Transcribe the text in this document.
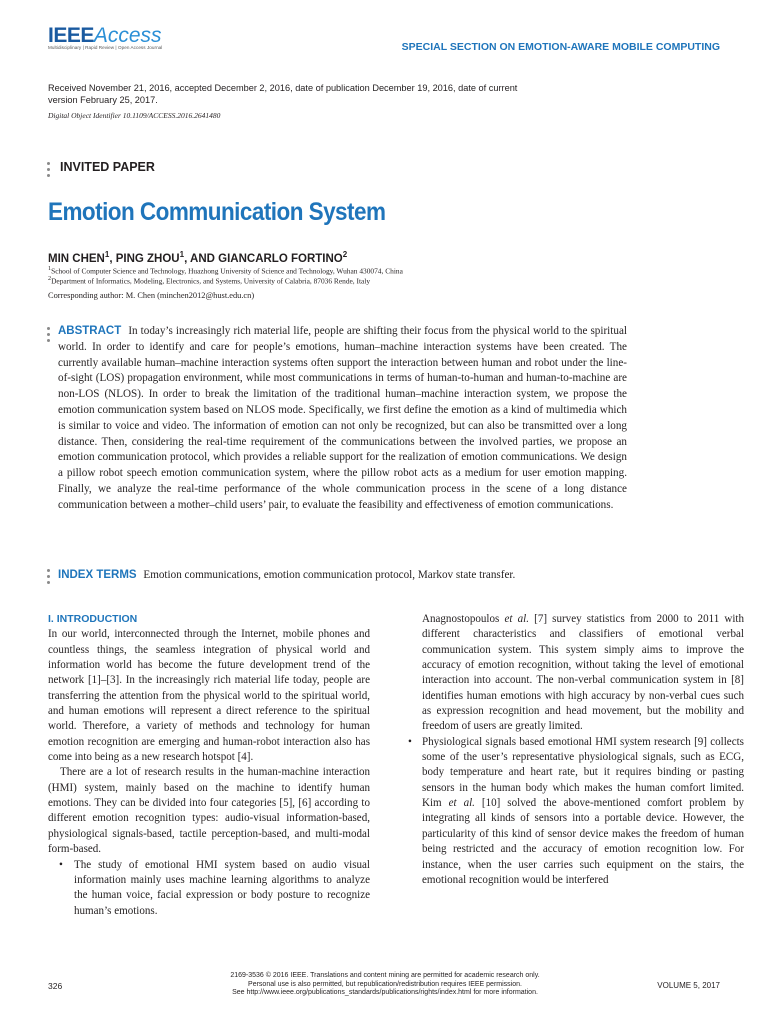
IEEEAccess
Multidisciplinary | Rapid Review | Open Access Journal	SPECIAL SECTION ON EMOTION-AWARE MOBILE COMPUTING
Received November 21, 2016, accepted December 2, 2016, date of publication December 19, 2016, date of current version February 25, 2017.
Digital Object Identifier 10.1109/ACCESS.2016.2641480
INVITED PAPER
Emotion Communication System
MIN CHEN$^1$, PING ZHOU$^1$, AND GIANCARLO FORTINO$^2$
$^1$School of Computer Science and Technology, Huazhong University of Science and Technology, Wuhan 430074, China
$^2$Department of Informatics, Modeling, Electronics, and Systems, University of Calabria, 87036 Rende, Italy
Corresponding author: M. Chen (minchen2012@hust.edu.cn)
ABSTRACT In today’s increasingly rich material life, people are shifting their focus from the physical world to the spiritual world. In order to identify and care for people’s emotions, human–machine interaction systems have been created. The currently available human–machine interaction systems often support the interaction between human and robot under the line-of-sight (LOS) propagation environment, while most communications in terms of human-to-human and human-to-machine are non-LOS (NLOS). In order to break the limitation of the traditional human–machine interaction system, we propose the emotion communication system based on NLOS mode. Specifically, we first define the emotion as a kind of multimedia which is similar to voice and video. The information of emotion can not only be recognized, but can also be transmitted over a long distance. Then, considering the real-time requirement of the communications between the involved parties, we propose an emotion communication protocol, which provides a reliable support for the realization of emotion communications. We design a pillow robot speech emotion communication system, where the pillow robot acts as a medium for user emotion mapping. Finally, we analyze the real-time performance of the whole communication process in the scene of a long distance communication between a mother–child users’ pair, to evaluate the feasibility and effectiveness of emotion communications.
INDEX TERMS Emotion communications, emotion communication protocol, Markov state transfer.
I. INTRODUCTION

In our world, interconnected through the Internet, mobile phones and countless things, the seamless integration of physical world and information world has become the future development trend of the network [1]–[3]. In the increasingly rich material life today, people are transferring the attention from the physical world to the spiritual world, and human emotions will represent a direct reference to the spiritual world. Therefore, a variety of methods and technology for human emotion recognition are emerging and human-robot interaction also has come into being as a new research hotspot [4].

There are a lot of research results in the human-machine interaction (HMI) system, mainly based on the machine to identify human emotions. They can be divided into four categories [5], [6] according to different emotion recognition types: audio-visual information-based, physiological signals-based, tactile perception-based, and multi-modal form-based.

• The study of emotional HMI system based on audio visual information mainly uses machine learning algorithms to analyze the human voice, facial expression or body posture to recognize human’s emotions.

Anagnostopoulos et al. [7] survey statistics from 2000 to 2011 with different characteristics and classifiers of emotional verbal communication system. This system simply aims to improve the accuracy of emotion recognition, without taking the level of emotional interaction into account. The non-verbal communication system in [8] identifies human emotions with high accuracy by non-verbal cues such as expression recognition and head movement, but the mobility and freedom of users are greatly limited.

• Physiological signals based emotional HMI system research [9] collects some of the user’s representative physiological signals, such as ECG, body temperature and heart rate, but it requires binding or pasting sensors in the human body which makes the human comfort limited. Kim et al. [10] solved the above-mentioned comfort problem by integrating all kinds of sensors into a portable device. However, the particularity of this kind of sensor device makes the freedom of human being restricted and the accuracy of emotion recognition low. For instance, when the user carries such equipment on the stairs, the emotional recognition would be interfered

326
2169-3536 © 2016 IEEE. Translations and content mining are permitted for academic research only.
Personal use is also permitted, but republication/redistribution requires IEEE permission.
See http://www.ieee.org/publications_standards/publications/rights/index.html for more information.
VOLUME 5, 2017
